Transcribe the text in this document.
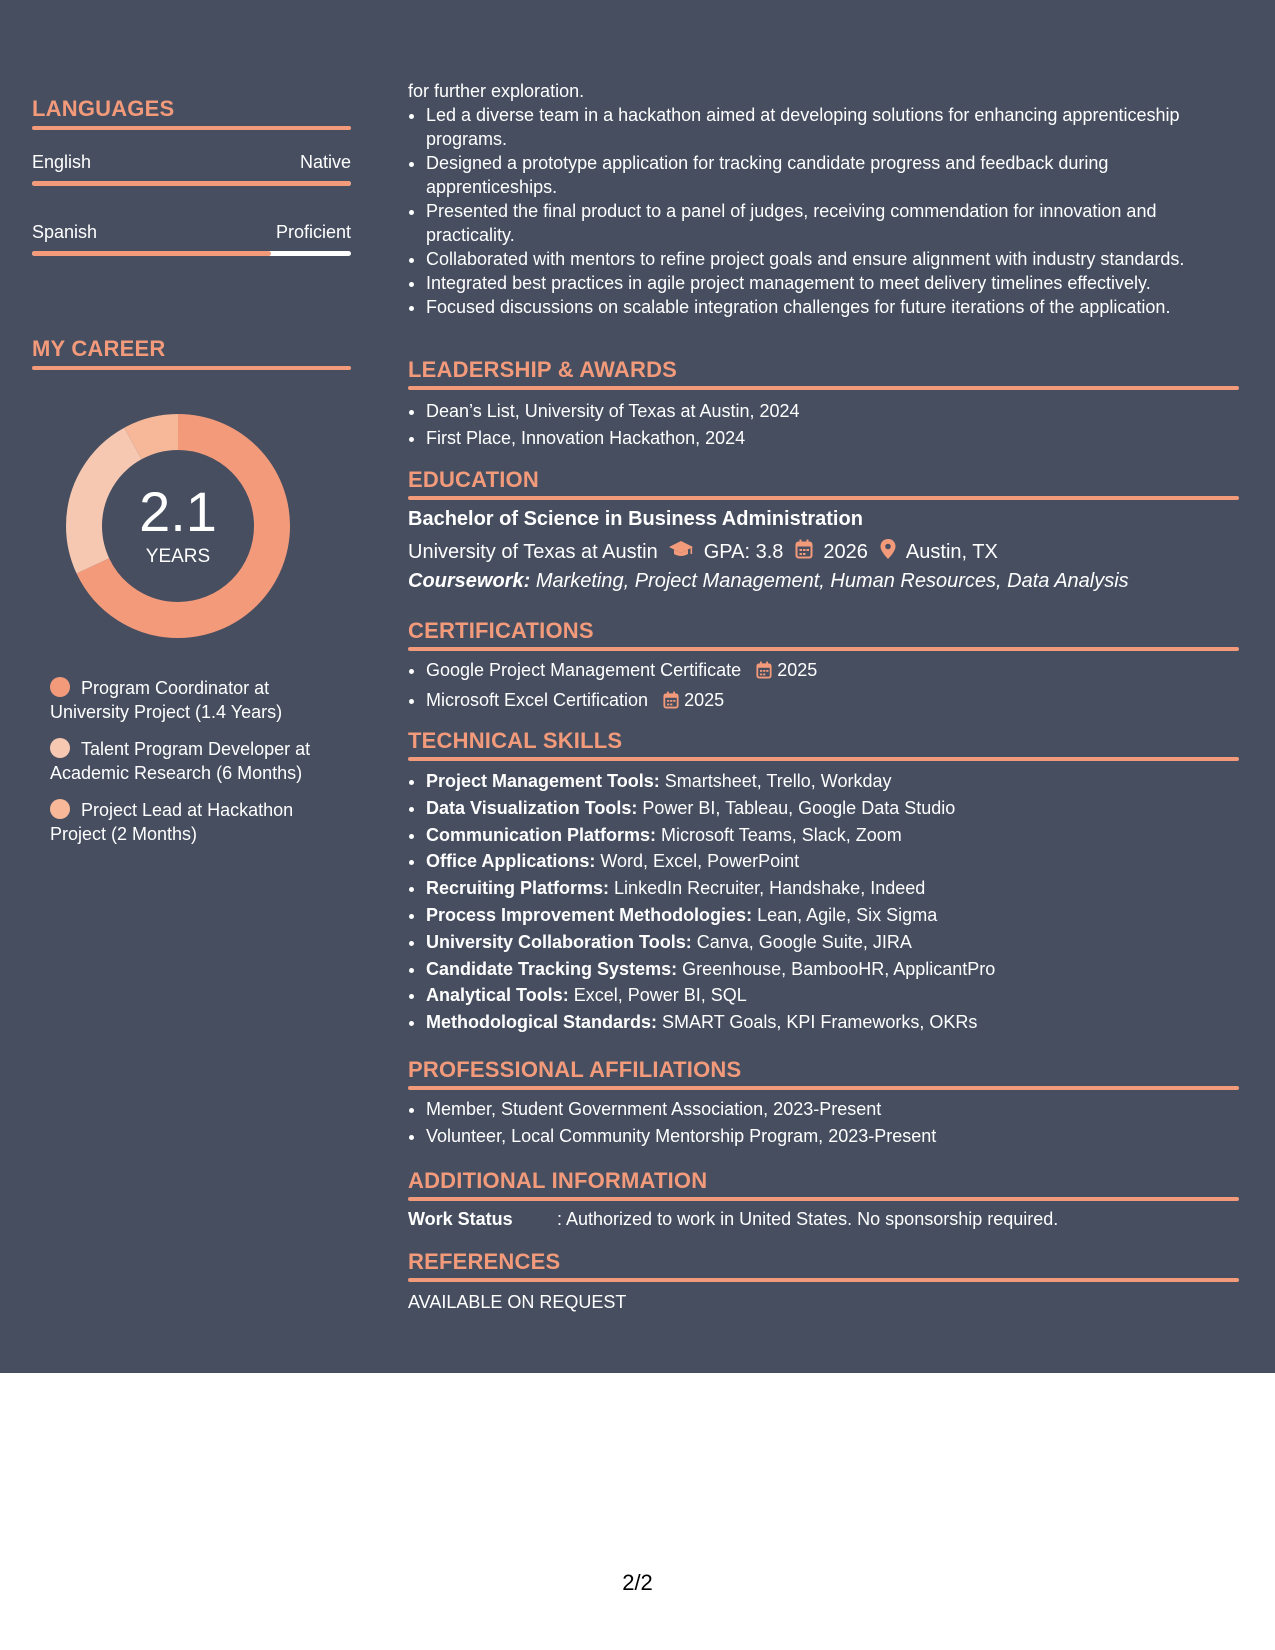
LANGUAGES
English	Native
Spanish	Proficient
MY CAREER
2.1
YEARS
Program Coordinator at University Project (1.4 Years)
Talent Program Developer at Academic Research (6 Months)
Project Lead at Hackathon Project (2 Months)
for further exploration.
• Led a diverse team in a hackathon aimed at developing solutions for enhancing apprenticeship programs.
• Designed a prototype application for tracking candidate progress and feedback during apprenticeships.
• Presented the final product to a panel of judges, receiving commendation for innovation and practicality.
• Collaborated with mentors to refine project goals and ensure alignment with industry standards.
• Integrated best practices in agile project management to meet delivery timelines effectively.
• Focused discussions on scalable integration challenges for future iterations of the application.
LEADERSHIP & AWARDS
• Dean’s List, University of Texas at Austin, 2024
• First Place, Innovation Hackathon, 2024
EDUCATION
Bachelor of Science in Business Administration
University of Texas at Austin GPA: 3.8 2026 Austin, TX
Coursework: Marketing, Project Management, Human Resources, Data Analysis
CERTIFICATIONS
• Google Project Management Certificate 2025
• Microsoft Excel Certification 2025
TECHNICAL SKILLS
• Project Management Tools: Smartsheet, Trello, Workday
• Data Visualization Tools: Power BI, Tableau, Google Data Studio
• Communication Platforms: Microsoft Teams, Slack, Zoom
• Office Applications: Word, Excel, PowerPoint
• Recruiting Platforms: LinkedIn Recruiter, Handshake, Indeed
• Process Improvement Methodologies: Lean, Agile, Six Sigma
• University Collaboration Tools: Canva, Google Suite, JIRA
• Candidate Tracking Systems: Greenhouse, BambooHR, ApplicantPro
• Analytical Tools: Excel, Power BI, SQL
• Methodological Standards: SMART Goals, KPI Frameworks, OKRs
PROFESSIONAL AFFILIATIONS
• Member, Student Government Association, 2023-Present
• Volunteer, Local Community Mentorship Program, 2023-Present
ADDITIONAL INFORMATION
Work Status : Authorized to work in United States. No sponsorship required.
REFERENCES
AVAILABLE ON REQUEST
2/2
